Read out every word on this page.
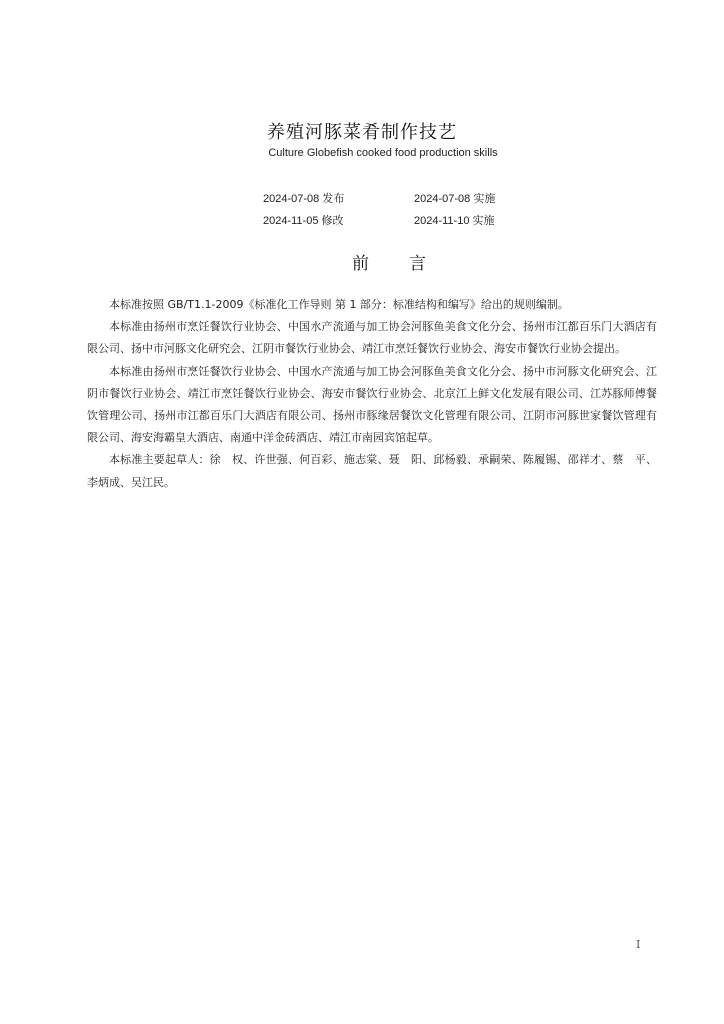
养殖河豚菜肴制作技艺
Culture Globefish cooked food production skills
2024-07-08 发布	2024-07-08 实施
2024-11-05 修改	2024-11-10 实施
前 言

本标准按照 GB/T1.1-2009《标准化工作导则 第 1 部分：标准结构和编写》给出的规则编制。

本标准由扬州市烹饪餐饮行业协会、中国水产流通与加工协会河豚鱼美食文化分会、扬州市江都百乐门大酒店有限公司、扬中市河豚文化研究会、江阴市餐饮行业协会、靖江市烹饪餐饮行业协会、海安市餐饮行业协会提出。

本标准由扬州市烹饪餐饮行业协会、中国水产流通与加工协会河豚鱼美食文化分会、扬中市河豚文化研究会、江阴市餐饮行业协会、靖江市烹饪餐饮行业协会、海安市餐饮行业协会、北京江上鲜文化发展有限公司、江苏豚师傅餐饮管理公司、扬州市江都百乐门大酒店有限公司、扬州市豚缘居餐饮文化管理有限公司、江阴市河豚世家餐饮管理有限公司、海安海霸皇大酒店、南通中洋金砖酒店、靖江市南园宾馆起草。

本标准主要起草人：徐　权、许世强、何百彩、施志棠、聂　阳、邱杨毅、承嗣荣、陈履锡、邵祥才、蔡　平、李炳成、吴江民。

I
